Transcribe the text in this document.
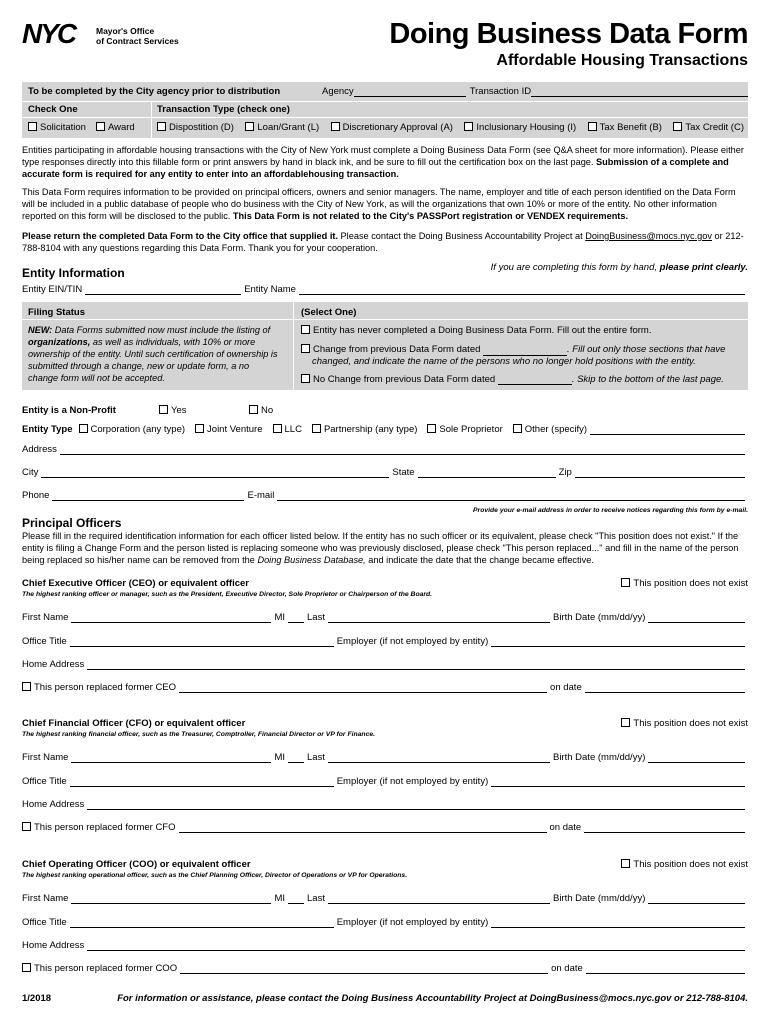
NYC Mayor's Office
of Contract Services	Doing Business Data Form
Affordable Housing Transactions
To be completed by the City agency prior to distribution	Agency	Transaction ID
Check One	Transaction Type (check one)
Solicitation	Award	Dispostition (D)	Loan/Grant (L)	Discretionary Approval (A)	Inclusionary Housing (I)	Tax Benefit (B)	Tax Credit (C)
Entities participating in affordable housing transactions with the City of New York must complete a Doing Business Data Form (see Q&A sheet for more information). Please either type responses directly into this fillable form or print answers by hand in black ink, and be sure to fill out the certification box on the last page. Submission of a complete and accurate form is required for any entity to enter into an affordablehousing transaction.
This Data Form requires information to be provided on principal officers, owners and senior managers. The name, employer and title of each person identified on the Data Form will be included in a public database of people who do business with the City of New York, as will the organizations that own 10% or more of the entity. No other information reported on this form will be disclosed to the public. This Data Form is not related to the City's PASSPort registration or VENDEX requirements.
Please return the completed Data Form to the City office that supplied it. Please contact the Doing Business Accountability Project at DoingBusiness@mocs.nyc.gov or 212-788-8104 with any questions regarding this Data Form. Thank you for your cooperation.
Entity Information	If you are completing this form by hand, please print clearly.
Entity EIN/TIN	Entity Name
Filing Status	(Select One)
NEW: Data Forms submitted now must include the listing of organizations, as well as individuals, with 10% or more ownership of the entity. Until such certification of ownership is submitted through a change, new or update form, a no change form will not be accepted.
Entity has never completed a Doing Business Data Form. Fill out the entire form.
Change from previous Data Form dated	. Fill out only those sections that have
changed, and indicate the name of the persons who no longer hold positions with the entity.
No Change from previous Data Form dated	. Skip to the bottom of the last page.
Entity is a Non-Profit	Yes	No
Entity Type	Corporation (any type)	Joint Venture	LLC	Partnership (any type)	Sole Proprietor	Other (specify)
Address
City	State	Zip
Phone	E-mail
Provide your e-mail address in order to receive notices regarding this form by e-mail.
Principal Officers
Please fill in the required identification information for each officer listed below. If the entity has no such officer or its equivalent, please check "This position does not exist." If the entity is filing a Change Form and the person listed is replacing someone who was previously disclosed, please check "This person replaced..." and fill in the name of the person being replaced so his/her name can be removed from the Doing Business Database, and indicate the date that the change became effective.
Chief Executive Officer (CEO) or equivalent officer	This position does not exist
The highest ranking officer or manager, such as the President, Executive Director, Sole Proprietor or Chairperson of the Board.
First Name	MI Last	Birth Date (mm/dd/yy)
Office Title	Employer (if not employed by entity)
Home Address
This person replaced former CEO	on date
Chief Financial Officer (CFO) or equivalent officer	This position does not exist
The highest ranking financial officer, such as the Treasurer, Comptroller, Financial Director or VP for Finance.
First Name	MI Last	Birth Date (mm/dd/yy)
Office Title	Employer (if not employed by entity)
Home Address
This person replaced former CFO	on date
Chief Operating Officer (COO) or equivalent officer	This position does not exist
The highest ranking operational officer, such as the Chief Planning Officer, Director of Operations or VP for Operations.
First Name	MI Last	Birth Date (mm/dd/yy)
Office Title	Employer (if not employed by entity)
Home Address
This person replaced former COO	on date
1/2018	For information or assistance, please contact the Doing Business Accountability Project at DoingBusiness@mocs.nyc.gov or 212-788-8104.
